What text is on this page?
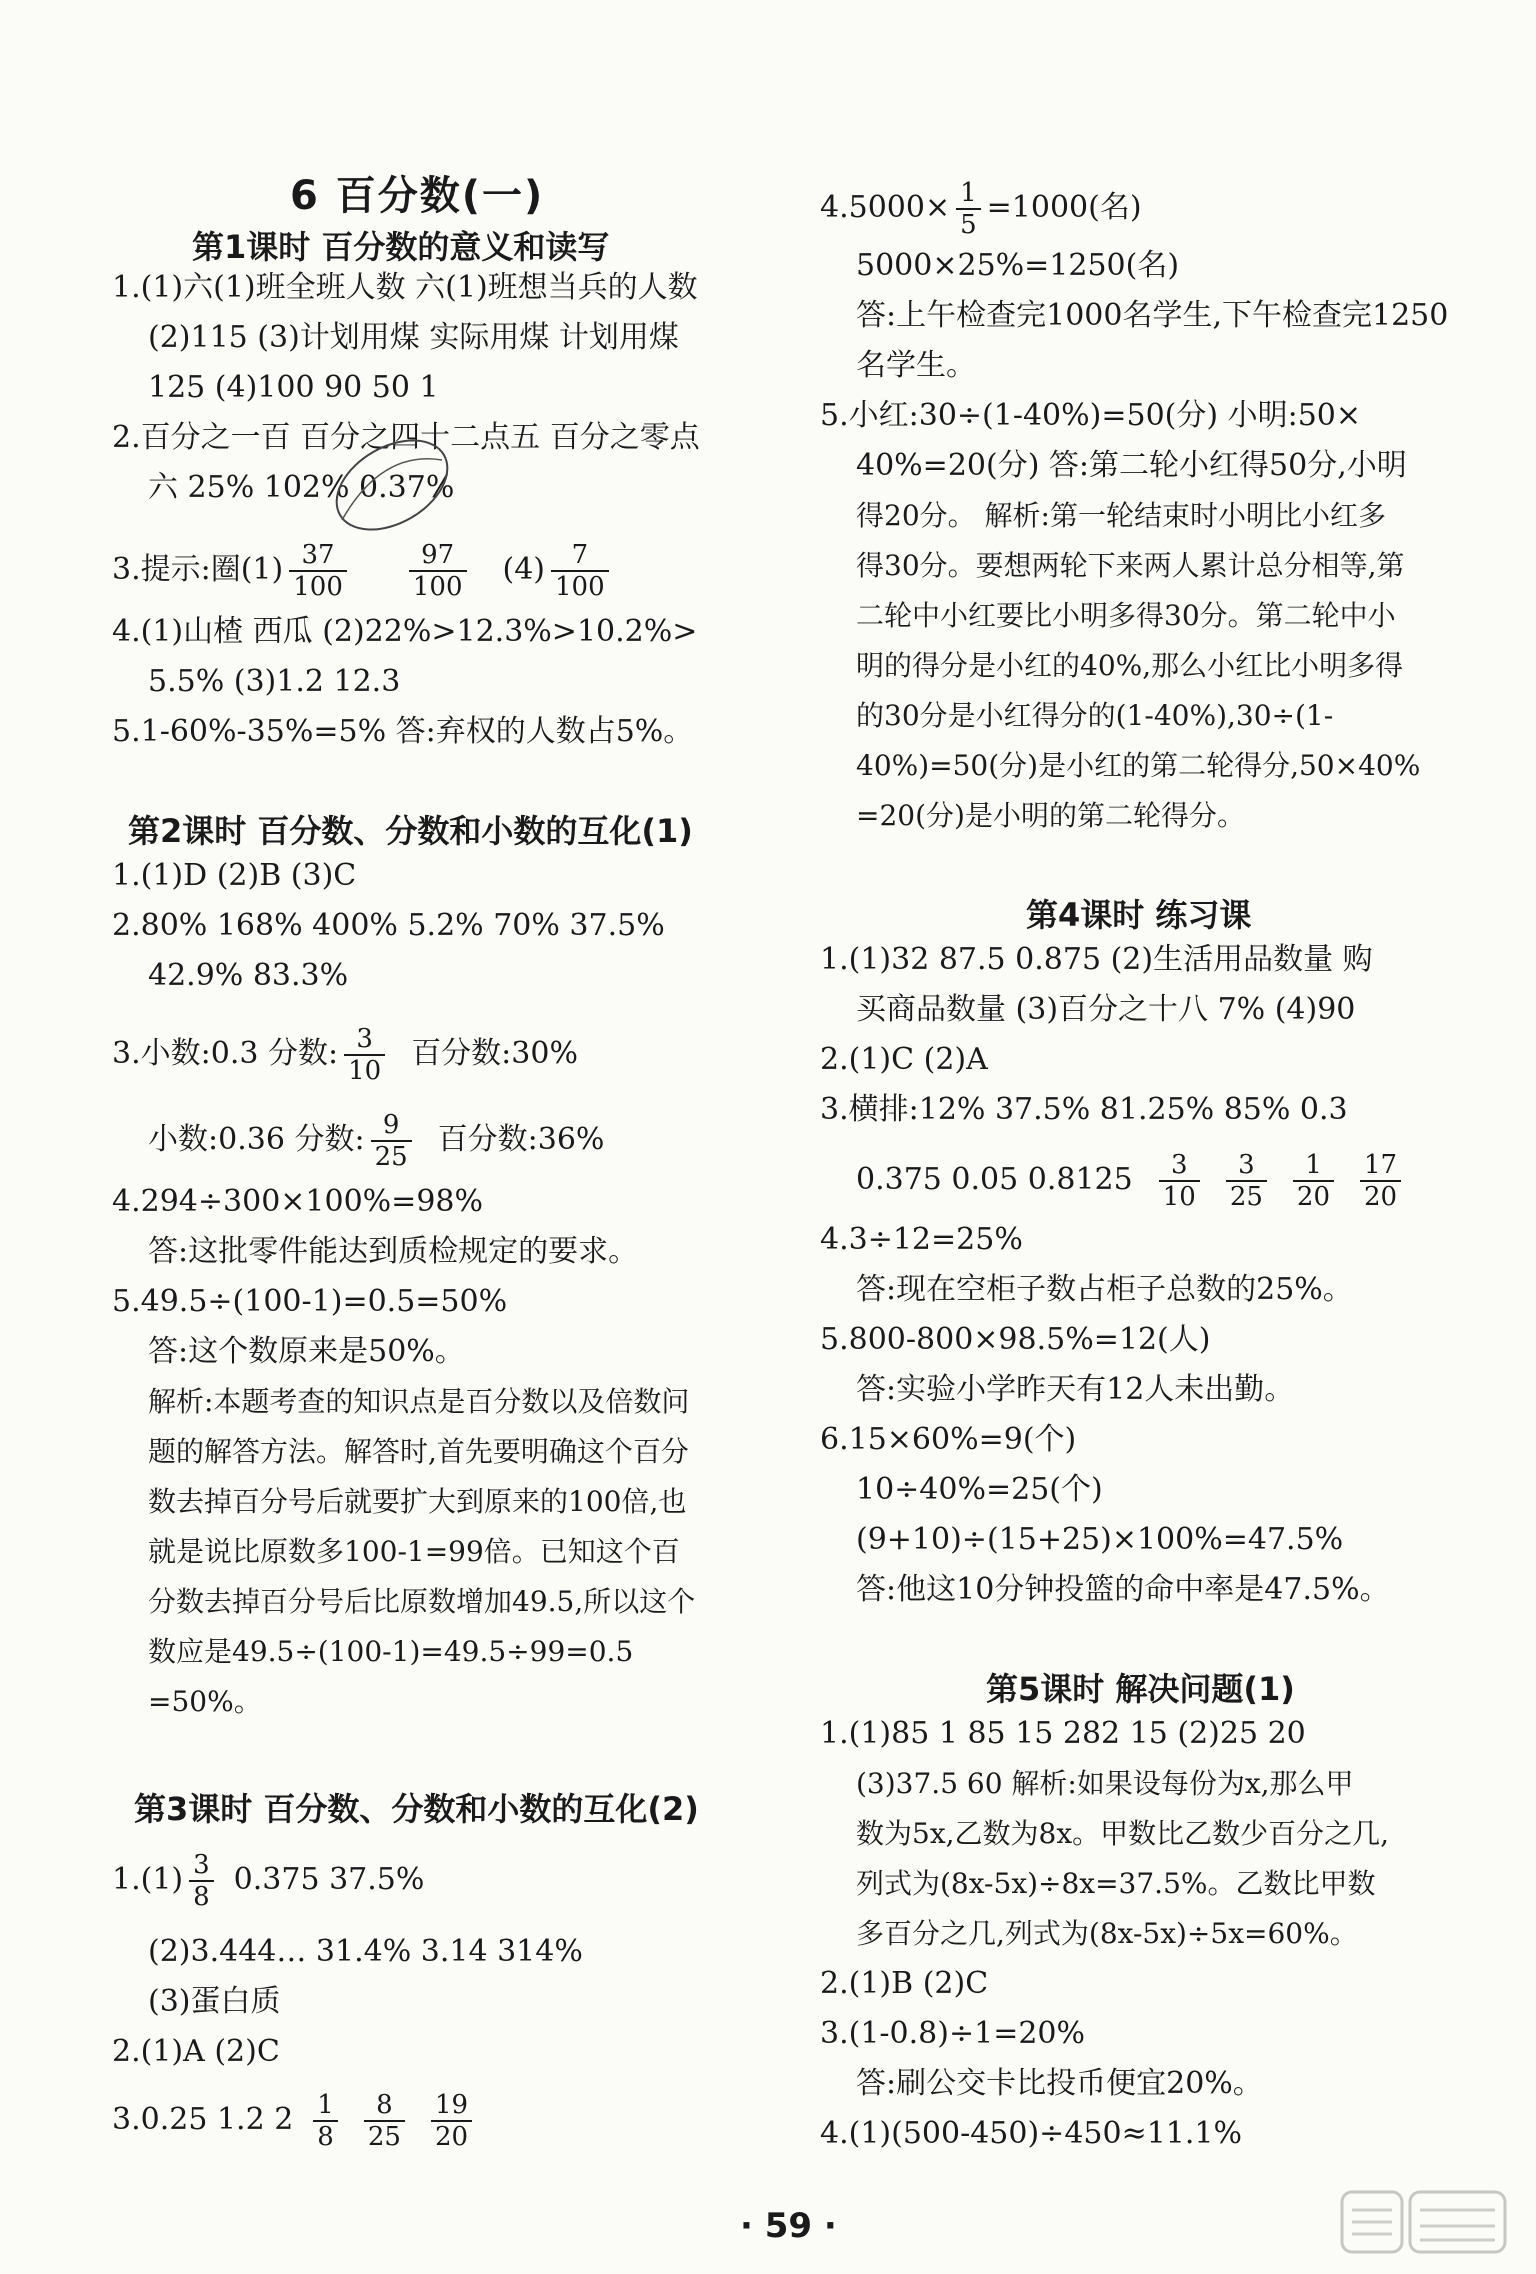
6 百分数(一)
第1课时 百分数的意义和读写
1.(1)六(1)班全班人数 六(1)班想当兵的人数
(2)115 (3)计划用煤 实际用煤 计划用煤
125 (4)100 90 50 1
2.百分之一百 百分之四十二点五 百分之零点
六 25% 102% 0.37%
3.提示:圈$(1) \frac{37}{100} \frac{97}{100} (4) \frac{7}{100}$
4.(1)山楂 西瓜 (2)22%>12.3%>10.2%>
5.5% (3)1.2 12.3
5.1-60%-35%=5% 答:弃权的人数占5%。
第2课时 百分数、分数和小数的互化(1)
1.(1)D (2)B (3)C
2.80% 168% 400% 5.2% 70% 37.5%
42.9% 83.3%
3.小数:0.3 分数: $\frac{3}{10}$ 百分数:30%
小数:0.36 分数: $\frac{9}{25}$ 百分数:36%
4.294÷300×100%=98%
答:这批零件能达到质检规定的要求。
5.49.5÷(100-1)=0.5=50%
答:这个数原来是50%。
解析:本题考查的知识点是百分数以及倍数问
题的解答方法。解答时,首先要明确这个百分
数去掉百分号后就要扩大到原来的100倍,也
就是说比原数多100-1=99倍。已知这个百
分数去掉百分号后比原数增加49.5,所以这个
数应是49.5÷(100-1)=49.5÷99=0.5
=50%。
第3课时 百分数、分数和小数的互化(2)
$1.(1) \frac{3}{8} 0.375$ 37.5%
(2)3.444… 31.4% 3.14 314%
(3)蛋白质
2.(1)A (2)C
3.0.25 1.2 $2 \frac{1}{8} \frac{8}{25} \frac{19}{20}$
$4.5000\times \frac{1}{5} =1000$(名)
5000×25%=1250(名)
答:上午检查完1000名学生,下午检查完1250
名学生。
5.小红:30÷(1-40%)=50(分) 小明:50×
40%=20(分) 答:第二轮小红得50分,小明
得20分。 解析:第一轮结束时小明比小红多
得30分。要想两轮下来两人累计总分相等,第
二轮中小红要比小明多得30分。第二轮中小
明的得分是小红的40%,那么小红比小明多得
的30分是小红得分的(1-40%),30÷(1-
40%)=50(分)是小红的第二轮得分,50×40%
=20(分)是小明的第二轮得分。
第4课时 练习课
1.(1)32 87.5 0.875 (2)生活用品数量 购
买商品数量 (3)百分之十八 7% (4)90
2.(1)C (2)A
3.横排:12% 37.5% 81.25% 85% 0.3
0.375 0.05 $0.8125 \frac{3}{10} \frac{3}{25} \frac{1}{20} \frac{17}{20}$
4.3÷12=25%
答:现在空柜子数占柜子总数的25%。
5.800-800×98.5%=12(人)
答:实验小学昨天有12人未出勤。
6.15×60%=9(个)
10÷40%=25(个)
(9+10)÷(15+25)×100%=47.5%
答:他这10分钟投篮的命中率是47.5%。
第5课时 解决问题(1)
1.(1)85 1 85 15 282 15 (2)25 20
(3)37.5 60 解析:如果设每份为x,那么甲
数为5x,乙数为8x。甲数比乙数少百分之几,
列式为(8x-5x)÷8x=37.5%。乙数比甲数
多百分之几,列式为(8x-5x)÷5x=60%。
2.(1)B (2)C
3.(1-0.8)÷1=20%
答:刷公交卡比投币便宜20%。
4.(1)(500-450)÷450≈11.1%
· 59 ·
